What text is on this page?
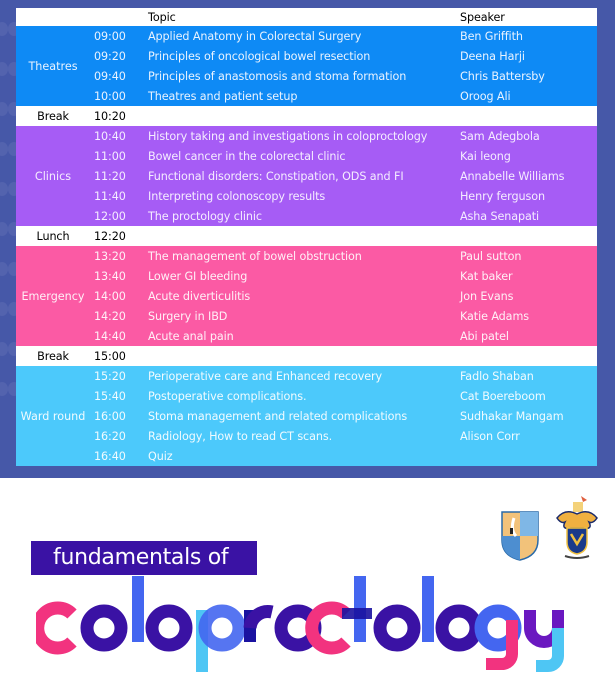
Topic	Speaker
Theatres
09:00	Applied Anatomy in Colorectal Surgery	Ben Griffith
09:20	Principles of oncological bowel resection	Deena Harji
09:40	Principles of anastomosis and stoma formation	Chris Battersby
10:00	Theatres and patient setup	Oroog Ali
Break	10:20
Clinics
10:40	History taking and investigations in coloproctology	Sam Adegbola
11:00	Bowel cancer in the colorectal clinic	Kai leong
11:20	Functional disorders: Constipation, ODS and FI	Annabelle Williams
11:40	Interpreting colonoscopy results	Henry ferguson
12:00	The proctology clinic	Asha Senapati
Lunch	12:20
Emergency
13:20	The management of bowel obstruction	Paul sutton
13:40	Lower GI bleeding	Kat baker
14:00	Acute diverticulitis	Jon Evans
14:20	Surgery in IBD	Katie Adams
14:40	Acute anal pain	Abi patel
Break	15:00
Ward round
15:20	Perioperative care and Enhanced recovery	Fadlo Shaban
15:40	Postoperative complications.	Cat Boereboom
16:00	Stoma management and related complications	Sudhakar Mangam
16:20	Radiology, How to read CT scans.	Alison Corr
16:40	Quiz
fundamentals of
